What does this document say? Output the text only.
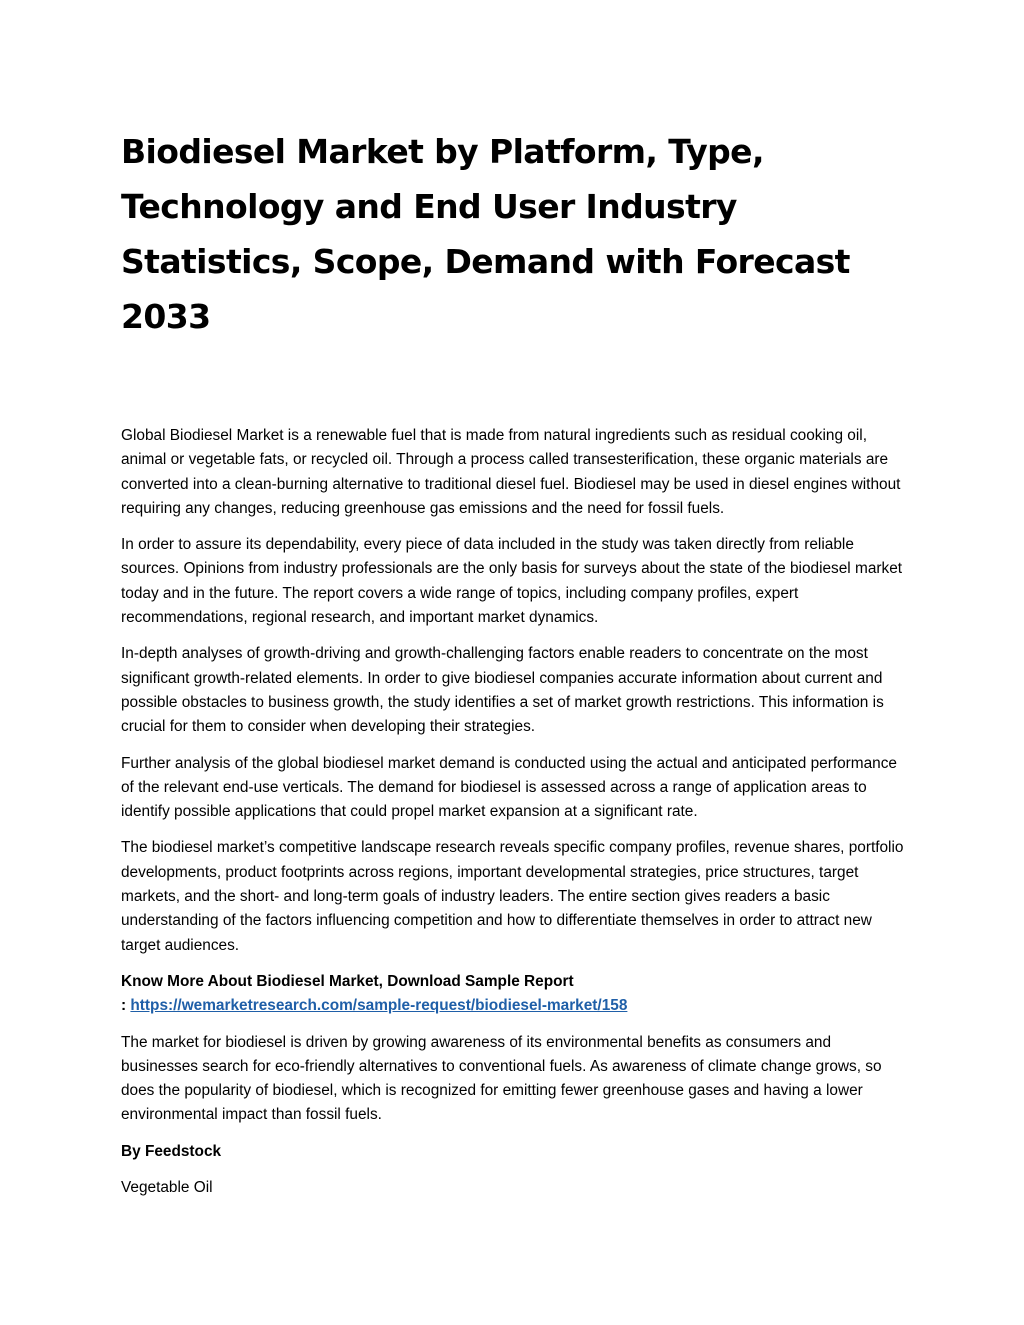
Biodiesel Market by Platform, Type, Technology and End User Industry Statistics, Scope, Demand with Forecast 2033

Global Biodiesel Market is a renewable fuel that is made from natural ingredients such as residual cooking oil, animal or vegetable fats, or recycled oil. Through a process called transesterification, these organic materials are converted into a clean-burning alternative to traditional diesel fuel. Biodiesel may be used in diesel engines without requiring any changes, reducing greenhouse gas emissions and the need for fossil fuels.

In order to assure its dependability, every piece of data included in the study was taken directly from reliable sources. Opinions from industry professionals are the only basis for surveys about the state of the biodiesel market today and in the future. The report covers a wide range of topics, including company profiles, expert recommendations, regional research, and important market dynamics.

In-depth analyses of growth-driving and growth-challenging factors enable readers to concentrate on the most significant growth-related elements. In order to give biodiesel companies accurate information about current and possible obstacles to business growth, the study identifies a set of market growth restrictions. This information is crucial for them to consider when developing their strategies.

Further analysis of the global biodiesel market demand is conducted using the actual and anticipated performance of the relevant end-use verticals. The demand for biodiesel is assessed across a range of application areas to identify possible applications that could propel market expansion at a significant rate.

The biodiesel market’s competitive landscape research reveals specific company profiles, revenue shares, portfolio developments, product footprints across regions, important developmental strategies, price structures, target markets, and the short- and long-term goals of industry leaders. The entire section gives readers a basic understanding of the factors influencing competition and how to differentiate themselves in order to attract new target audiences.

Know More About Biodiesel Market, Download Sample Report
: https://wemarketresearch.com/sample-request/biodiesel-market/158

The market for biodiesel is driven by growing awareness of its environmental benefits as consumers and businesses search for eco-friendly alternatives to conventional fuels. As awareness of climate change grows, so does the popularity of biodiesel, which is recognized for emitting fewer greenhouse gases and having a lower environmental impact than fossil fuels.

By Feedstock

Vegetable Oil
